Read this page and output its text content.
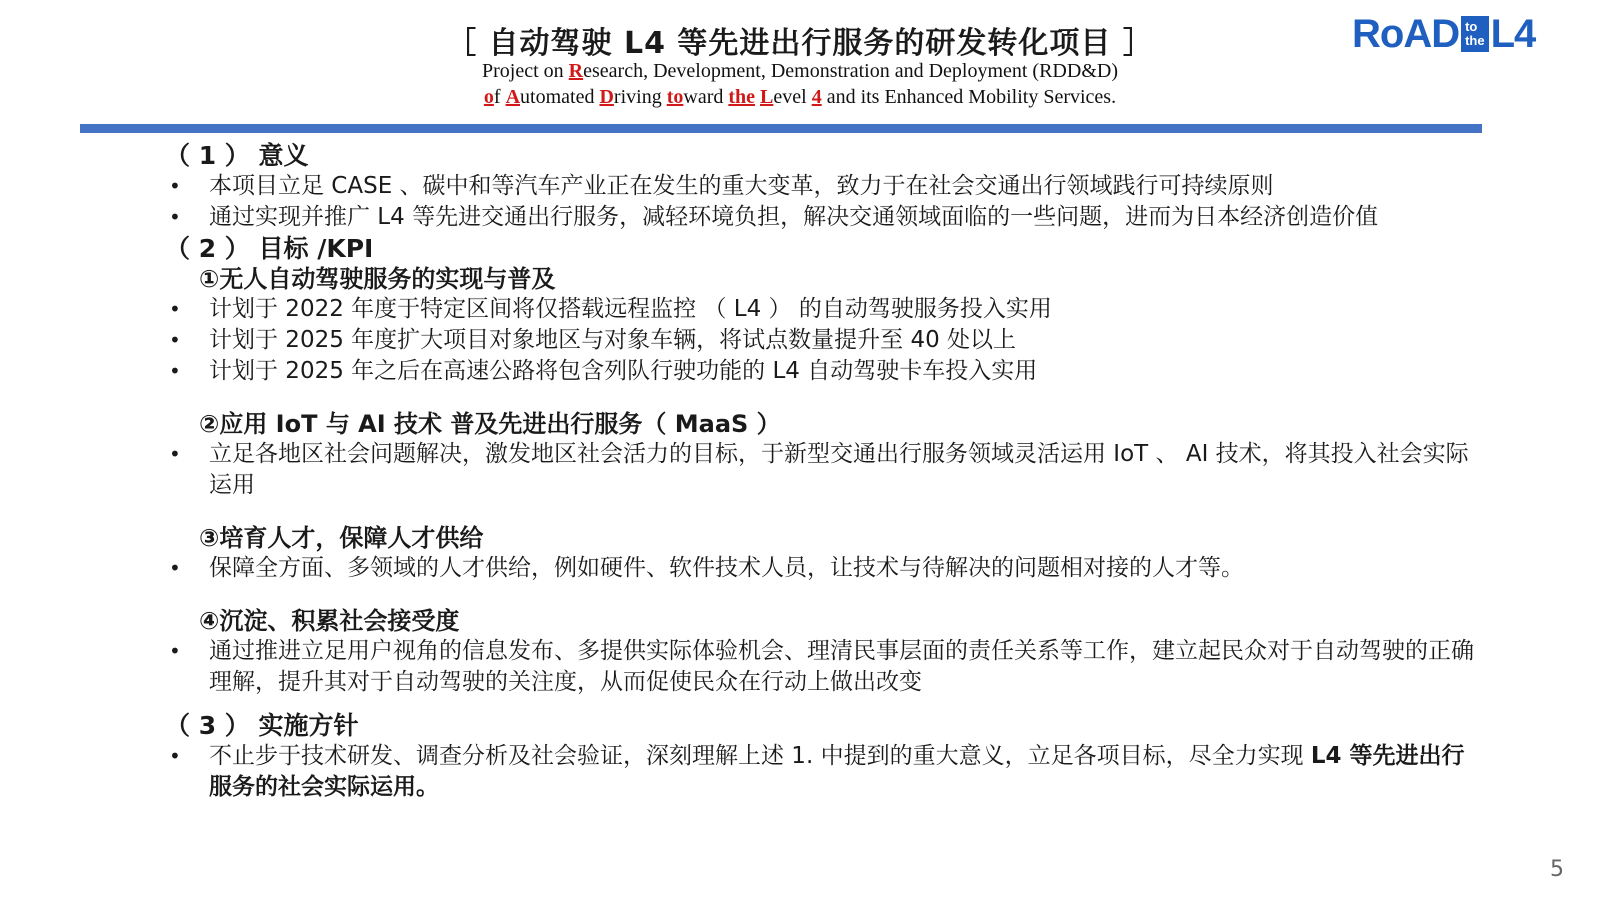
［ 自动驾驶 L4 等先进出行服务的研发转化项目 ］
Project on Research, Development, Demonstration and Deployment (RDD&D)
of Automated Driving toward the Level 4 and its Enhanced Mobility Services.
RoAD to
the L4
（ 1 ） 意义
• 本项目立足 CASE 、碳中和等汽车产业正在发生的重大变革，致力于在社会交通出行领域践行可持续原则
• 通过实现并推广 L4 等先进交通出行服务，减轻环境负担，解决交通领域面临的一些问题，进而为日本经济创造价值
（ 2 ） 目标 /KPI
①无人自动驾驶服务的实现与普及
• 计划于 2022 年度于特定区间将仅搭载远程监控 （ L4 ） 的自动驾驶服务投入实用
• 计划于 2025 年度扩大项目对象地区与对象车辆，将试点数量提升至 40 处以上
• 计划于 2025 年之后在高速公路将包含列队行驶功能的 L4 自动驾驶卡车投入实用
②应用 IoT 与 AI 技术 普及先进出行服务（ MaaS ）
• 立足各地区社会问题解决，激发地区社会活力的目标，于新型交通出行服务领域灵活运用 IoT 、 AI 技术，将其投入社会实际运用
③培育人才，保障人才供给
• 保障全方面、多领域的人才供给，例如硬件、软件技术人员，让技术与待解决的问题相对接的人才等。
④沉淀、积累社会接受度
• 通过推进立足用户视角的信息发布、多提供实际体验机会、理清民事层面的责任关系等工作，建立起民众对于自动驾驶的正确理解，提升其对于自动驾驶的关注度，从而促使民众在行动上做出改变
（ 3 ） 实施方针
• 不止步于技术研发、调查分析及社会验证，深刻理解上述 1. 中提到的重大意义，立足各项目标，尽全力实现 L4 等先进出行服务的社会实际运用。
5
